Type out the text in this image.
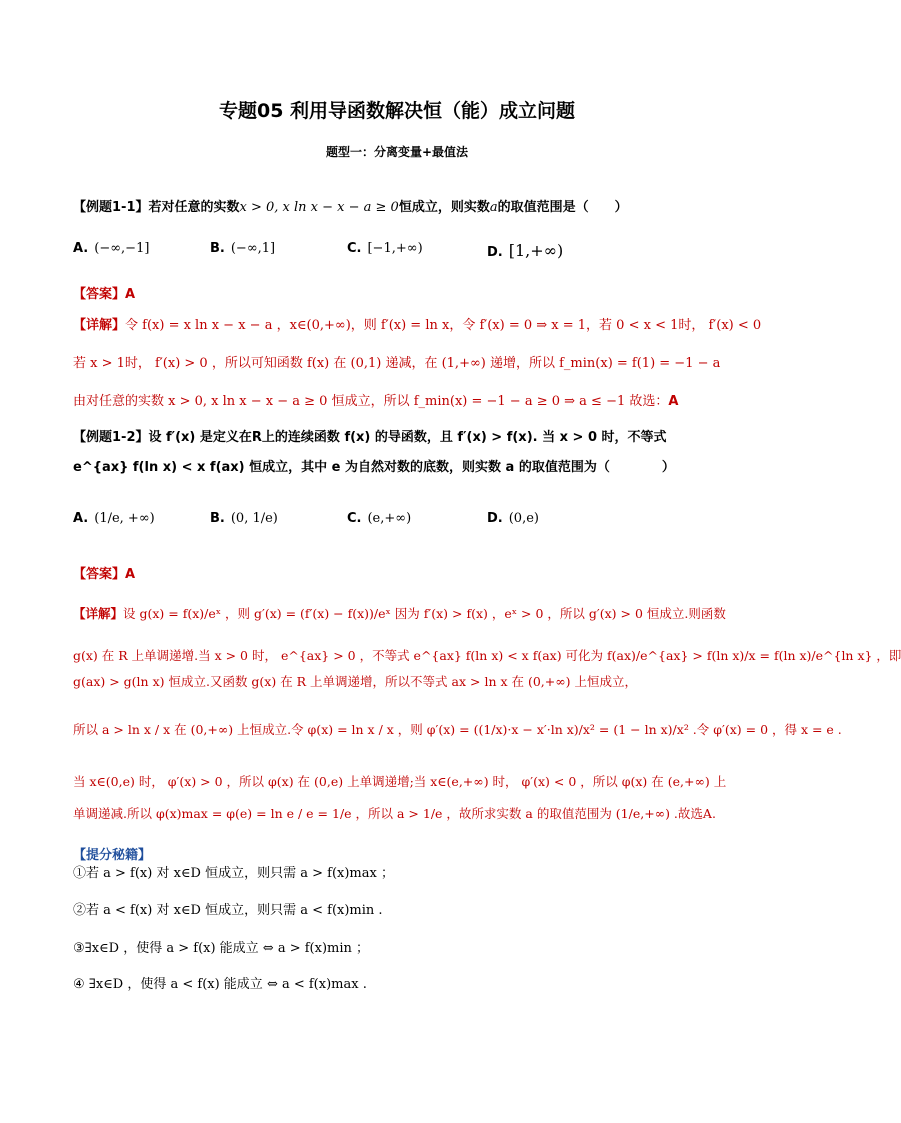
专题05 利用导函数解决恒（能）成立问题
题型一：分离变量+最值法
【例题1-1】若对任意的实数x > 0, x ln x − x − a ≥ 0恒成立，则实数a的取值范围是（　　）
A. (−∞,−1]	B. (−∞,1]	C. [−1,+∞)	D. [1,+∞)
【答案】A
【详解】令 f(x) = x ln x − x − a ，x∈(0,+∞)，则 f′(x) = ln x，令 f′(x) = 0 ⇒ x = 1，若 0 < x < 1时， f′(x) < 0
若 x > 1时， f′(x) > 0 ，所以可知函数 f(x) 在 (0,1) 递减，在 (1,+∞) 递增，所以 f_min(x) = f(1) = −1 − a
由对任意的实数 x > 0, x ln x − x − a ≥ 0 恒成立，所以 f_min(x) = −1 − a ≥ 0 ⇒ a ≤ −1 故选：A
【例题1-2】设 f′(x) 是定义在R上的连续函数 f(x) 的导函数，且 f′(x) > f(x). 当 x > 0 时，不等式
e^{ax} f(ln x) < x f(ax) 恒成立，其中 e 为自然对数的底数，则实数 a 的取值范围为（　　　　）
A. (1/e, +∞)	B. (0, 1/e)	C. (e,+∞)	D. (0,e)
【答案】A
【详解】设 g(x) = f(x)/eˣ ，则 g′(x) = (f′(x) − f(x))/eˣ 因为 f′(x) > f(x) ，eˣ > 0 ，所以 g′(x) > 0 恒成立.则函数
g(x) 在 R 上单调递增.当 x > 0 时， e^{ax} > 0 ，不等式 e^{ax} f(ln x) < x f(ax) 可化为 f(ax)/e^{ax} > f(ln x)/x = f(ln x)/e^{ln x} ，即
g(ax) > g(ln x) 恒成立.又函数 g(x) 在 R 上单调递增，所以不等式 ax > ln x 在 (0,+∞) 上恒成立，
所以 a > ln x / x 在 (0,+∞) 上恒成立.令 φ(x) = ln x / x ，则 φ′(x) = ((1/x)·x − x′·ln x)/x² = (1 − ln x)/x² .令 φ′(x) = 0 ，得 x = e .
当 x∈(0,e) 时， φ′(x) > 0 ，所以 φ(x) 在 (0,e) 上单调递增;当 x∈(e,+∞) 时， φ′(x) < 0 ，所以 φ(x) 在 (e,+∞) 上
单调递减.所以 φ(x)max = φ(e) = ln e / e = 1/e ，所以 a > 1/e ，故所求实数 a 的取值范围为 (1/e,+∞) .故选A.
【提分秘籍】
①若 a > f(x) 对 x∈D 恒成立，则只需 a > f(x)max ；
②若 a < f(x) 对 x∈D 恒成立，则只需 a < f(x)min .
③∃x∈D ，使得 a > f(x) 能成立 ⇔ a > f(x)min ；
④ ∃x∈D ，使得 a < f(x) 能成立 ⇔ a < f(x)max .
